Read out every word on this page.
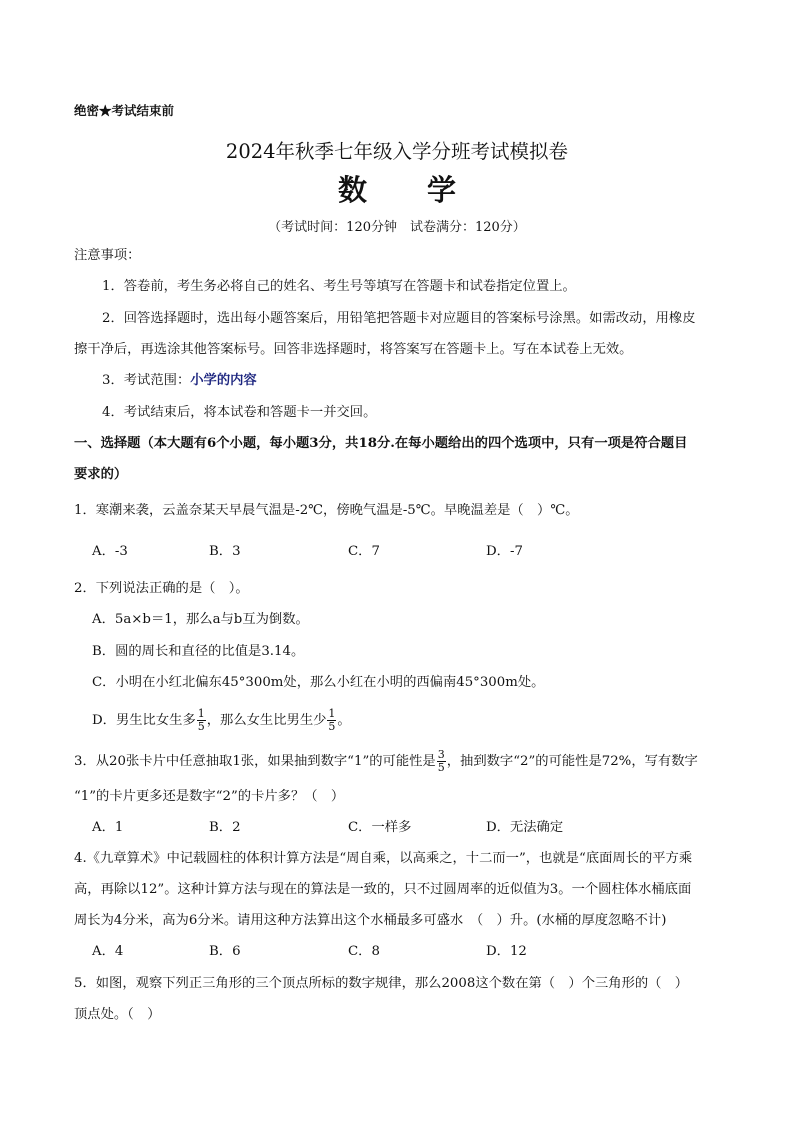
绝密★考试结束前
2024年秋季七年级入学分班考试模拟卷
数学
（考试时间：120分钟　试卷满分：120分）
注意事项：
1．答卷前，考生务必将自己的姓名、考生号等填写在答题卡和试卷指定位置上。
2．回答选择题时，选出每小题答案后，用铅笔把答题卡对应题目的答案标号涂黑。如需改动，用橡皮
擦干净后，再选涂其他答案标号。回答非选择题时，将答案写在答题卡上。写在本试卷上无效。
3．考试范围：小学的内容
4．考试结束后，将本试卷和答题卡一并交回。
一、选择题（本大题有6个小题，每小题3分，共18分.在每小题给出的四个选项中，只有一项是符合题目
要求的）
1．寒潮来袭，云盖奈某天早晨气温是-2℃，傍晚气温是-5℃。早晚温差是（　）℃。
A．-3	B．3	C．7	D．-7
2．下列说法正确的是（　）。
A．5a×b＝1，那么a与b互为倒数。
B．圆的周长和直径的比值是3.14。
C．小明在小红北偏东45°300m处，那么小红在小明的西偏南45°300m处。
D．男生比女生多 $\frac{1}{5}$ ，那么女生比男生少 $\frac{1}{5}$ 。
3．从20张卡片中任意抽取1张，如果抽到数字“1”的可能性是 $\frac{3}{5}$ ，抽到数字“2”的可能性是72%，写有数字
“1”的卡片更多还是数字“2”的卡片多？（　）
A．1	B．2	C．一样多	D．无法确定
4.《九章算术》中记载圆柱的体积计算方法是“周自乘，以高乘之，十二而一”，也就是“底面周长的平方乘
高，再除以12”。这种计算方法与现在的算法是一致的，只不过圆周率的近似值为3。一个圆柱体水桶底面
周长为4分米，高为6分米。请用这种方法算出这个水桶最多可盛水　（　）升。(水桶的厚度忽略不计)
A．4	B．6	C．8	D．12
5．如图，观察下列正三角形的三个顶点所标的数字规律，那么2008这个数在第（　）个三角形的（　）
顶点处。（　）
